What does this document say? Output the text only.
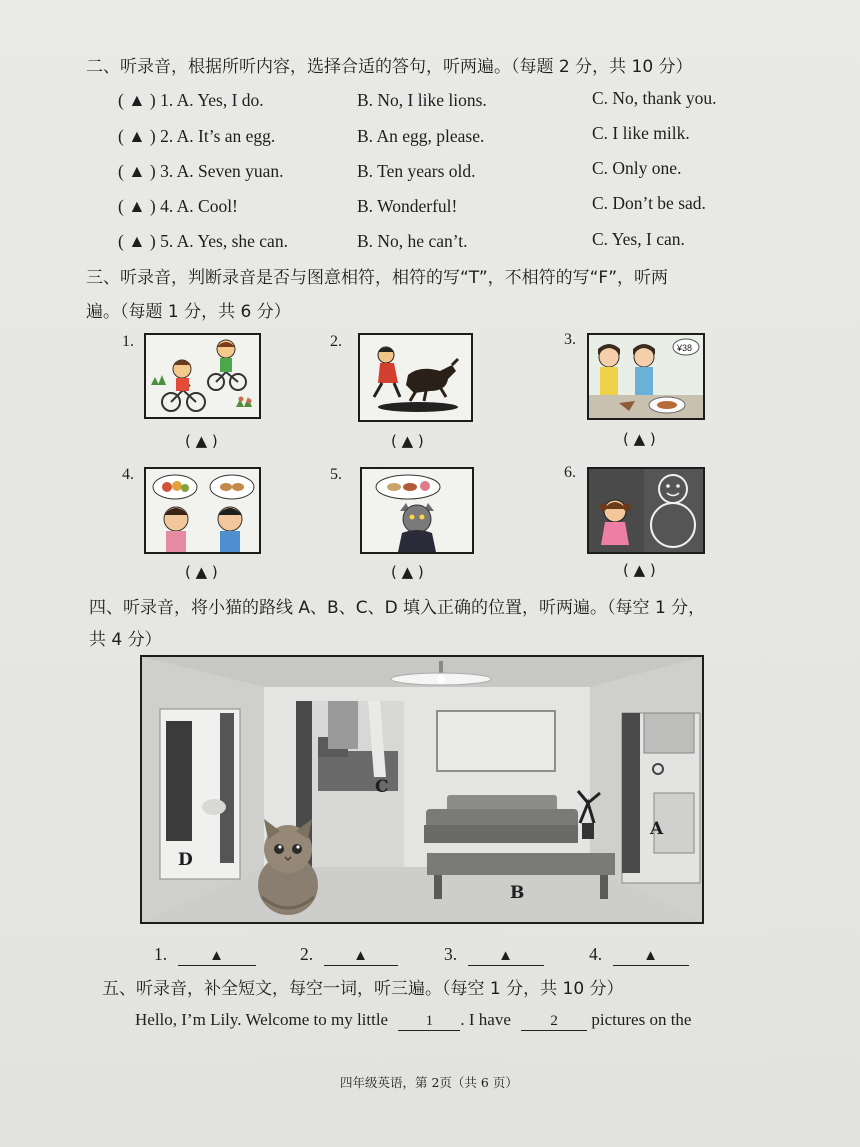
二、听录音，根据所听内容，选择合适的答句，听两遍。（每题 2 分，共 10 分）
( ▲ ) 1. A. Yes, I do.	B. No, I like lions.	C. No, thank you.
( ▲ ) 2. A. It’s an egg.	B. An egg, please.	C. I like milk.
( ▲ ) 3. A. Seven yuan.	B. Ten years old.	C. Only one.
( ▲ ) 4. A. Cool!	B. Wonderful!	C. Don’t be sad.
( ▲ ) 5. A. Yes, she can.	B. No, he can’t.	C. Yes, I can.
三、听录音，判断录音是否与图意相符，相符的写“T”，不相符的写“F”，听两
遍。（每题 1 分，共 6 分）
1.
( ▲ )
2.
( ▲ )
3.	¥38
( ▲ )
4.
( ▲ )
5.
( ▲ )
6.
( ▲ )
四、听录音，将小猫的路线 A、B、C、D 填入正确的位置，听两遍。（每空 1 分，
共 4 分）
C
D
A
B
1.	▲	2.	▲	3.	▲	4.	▲
五、听录音，补全短文，每空一词，听三遍。（每空 1 分，共 10 分）
Hello, I’m Lily. Welcome to my little	1 . I have	2 pictures on the
四年级英语，第 2页（共 6 页）
